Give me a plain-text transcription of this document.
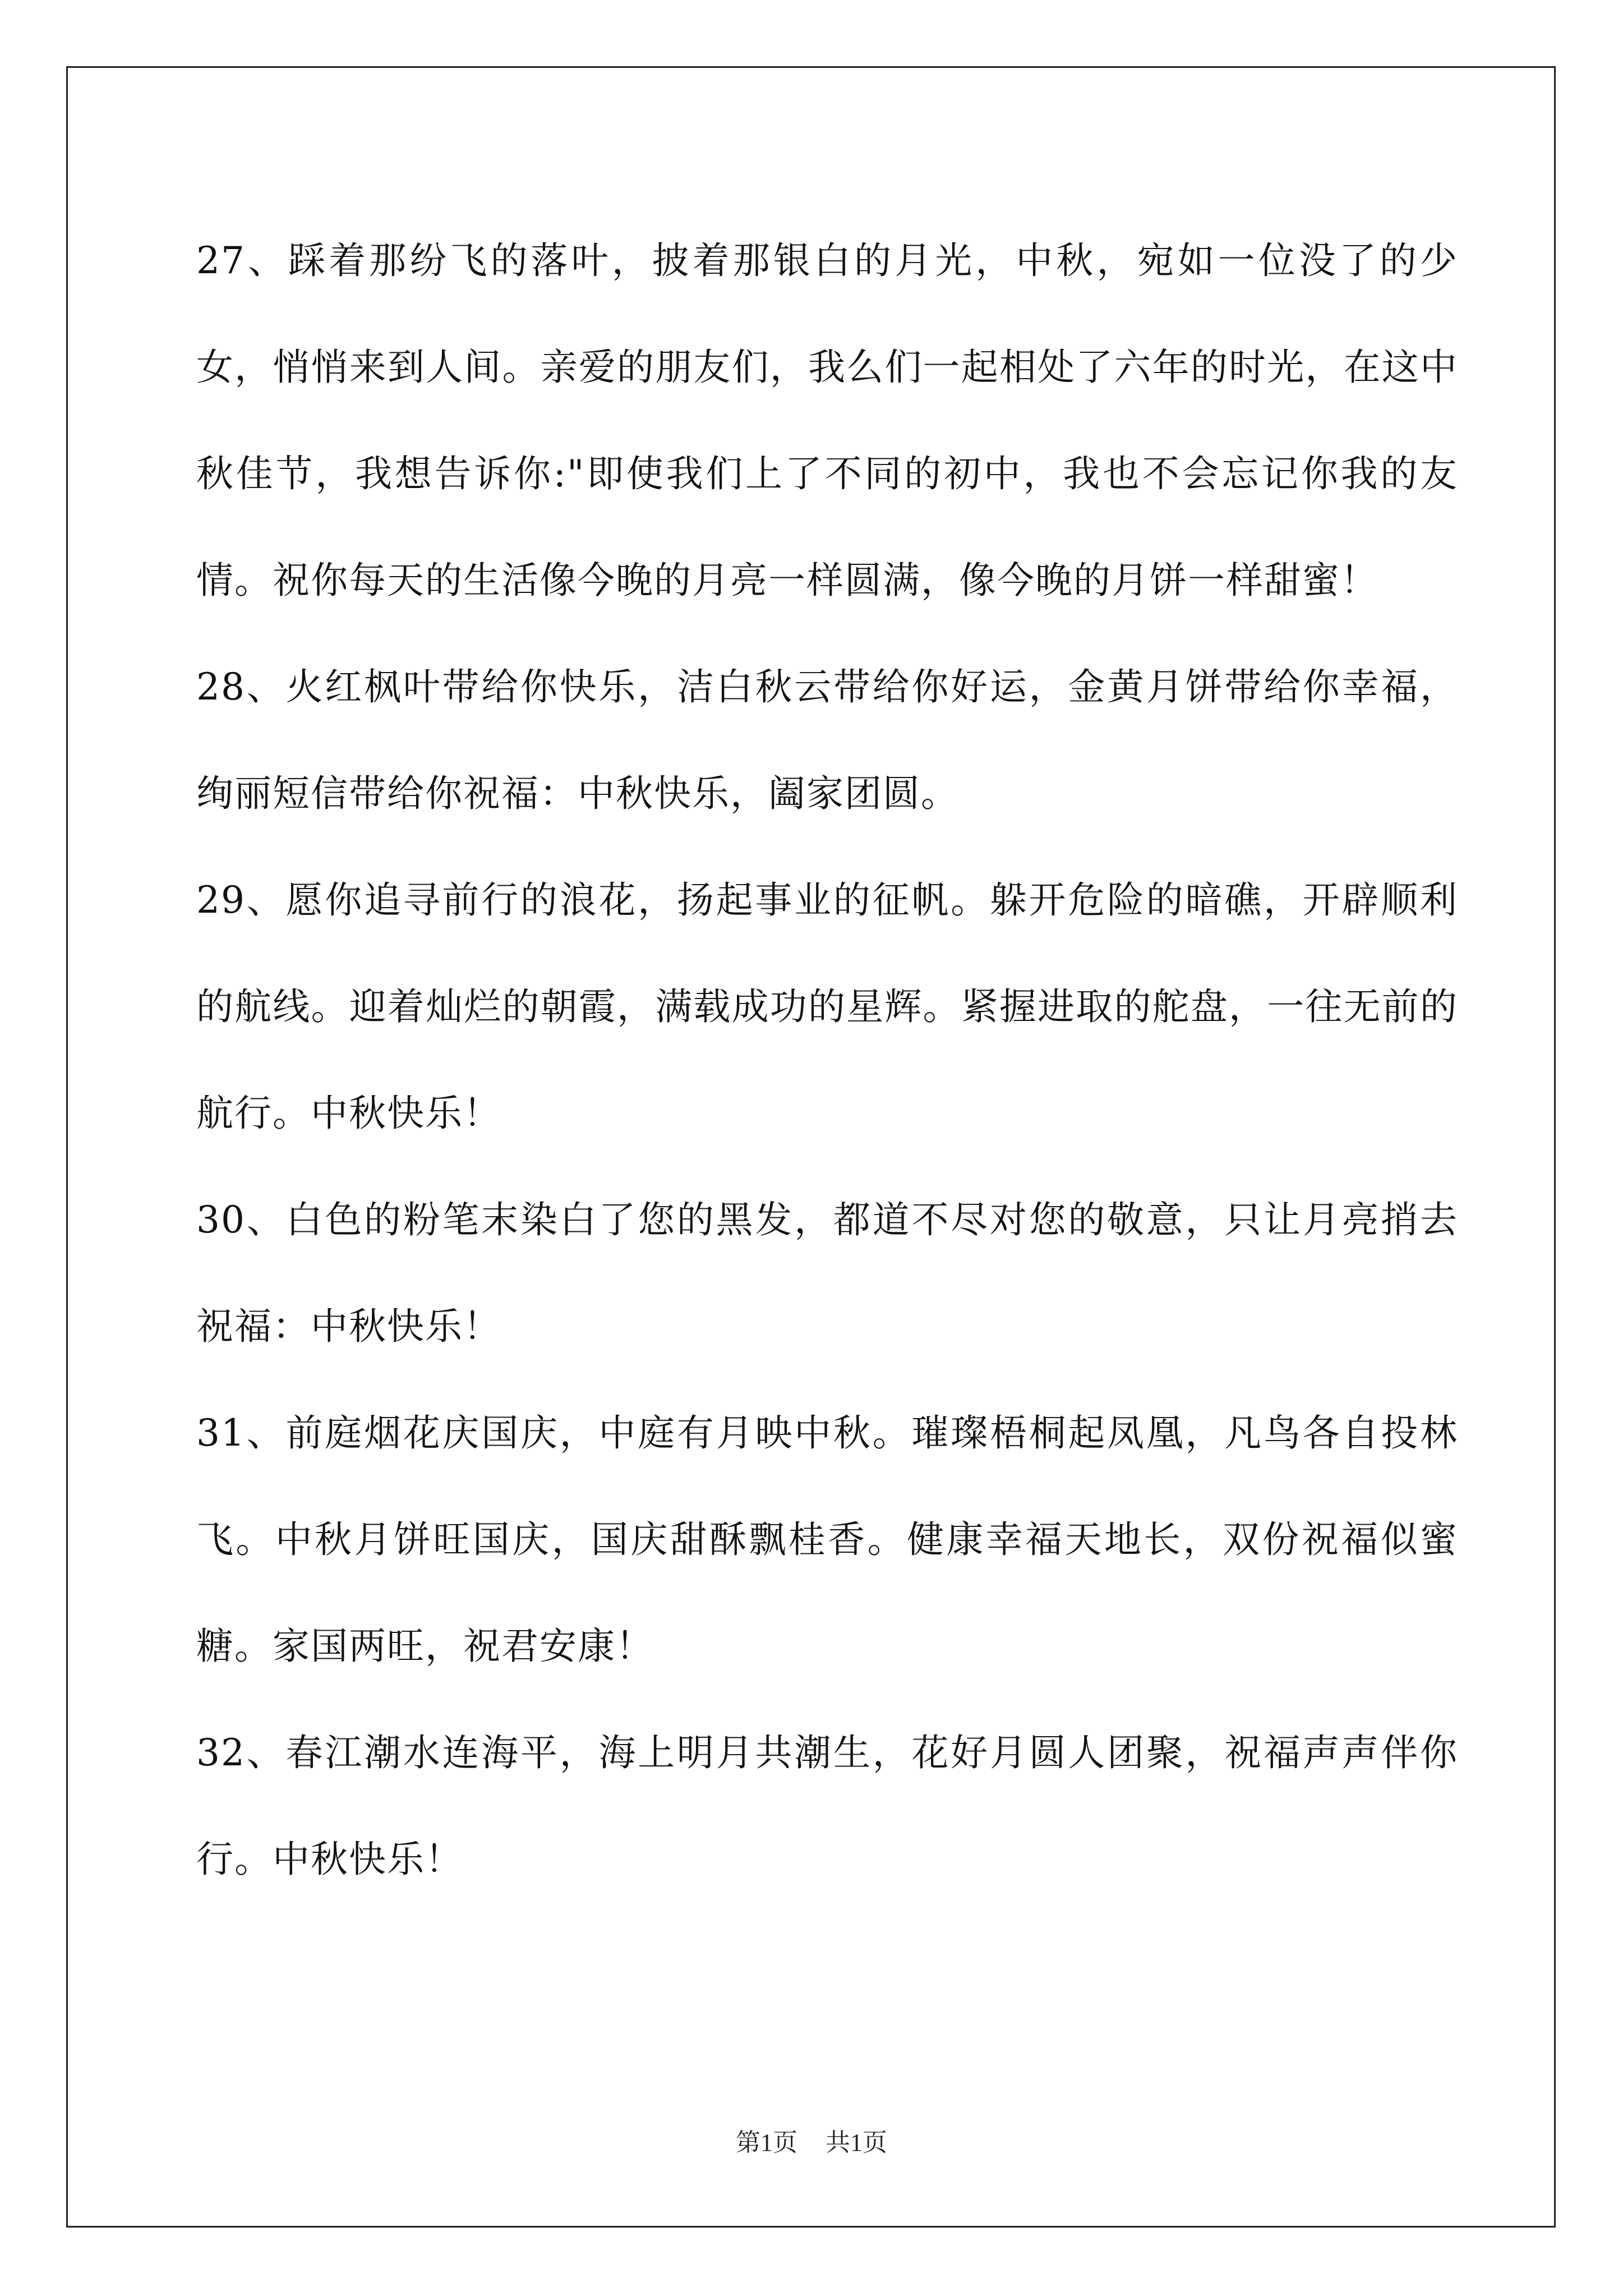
27、踩着那纷飞的落叶，披着那银白的月光，中秋，宛如一位没了的少女，悄悄来到人间。亲爱的朋友们，我么们一起相处了六年的时光，在这中秋佳节，我想告诉你:"即使我们上了不同的初中，我也不会忘记你我的友情。祝你每天的生活像今晚的月亮一样圆满，像今晚的月饼一样甜蜜！

28、火红枫叶带给你快乐，洁白秋云带给你好运，金黄月饼带给你幸福，绚丽短信带给你祝福：中秋快乐，阖家团圆。

29、愿你追寻前行的浪花，扬起事业的征帆。躲开危险的暗礁，开辟顺利的航线。迎着灿烂的朝霞，满载成功的星辉。紧握进取的舵盘，一往无前的航行。中秋快乐！

30、白色的粉笔末染白了您的黑发，都道不尽对您的敬意，只让月亮捎去祝福：中秋快乐！

31、前庭烟花庆国庆，中庭有月映中秋。璀璨梧桐起凤凰，凡鸟各自投林飞。中秋月饼旺国庆，国庆甜酥飘桂香。健康幸福天地长，双份祝福似蜜糖。家国两旺，祝君安康！

32、春江潮水连海平，海上明月共潮生，花好月圆人团聚，祝福声声伴你行。中秋快乐！

第1页 共1页
